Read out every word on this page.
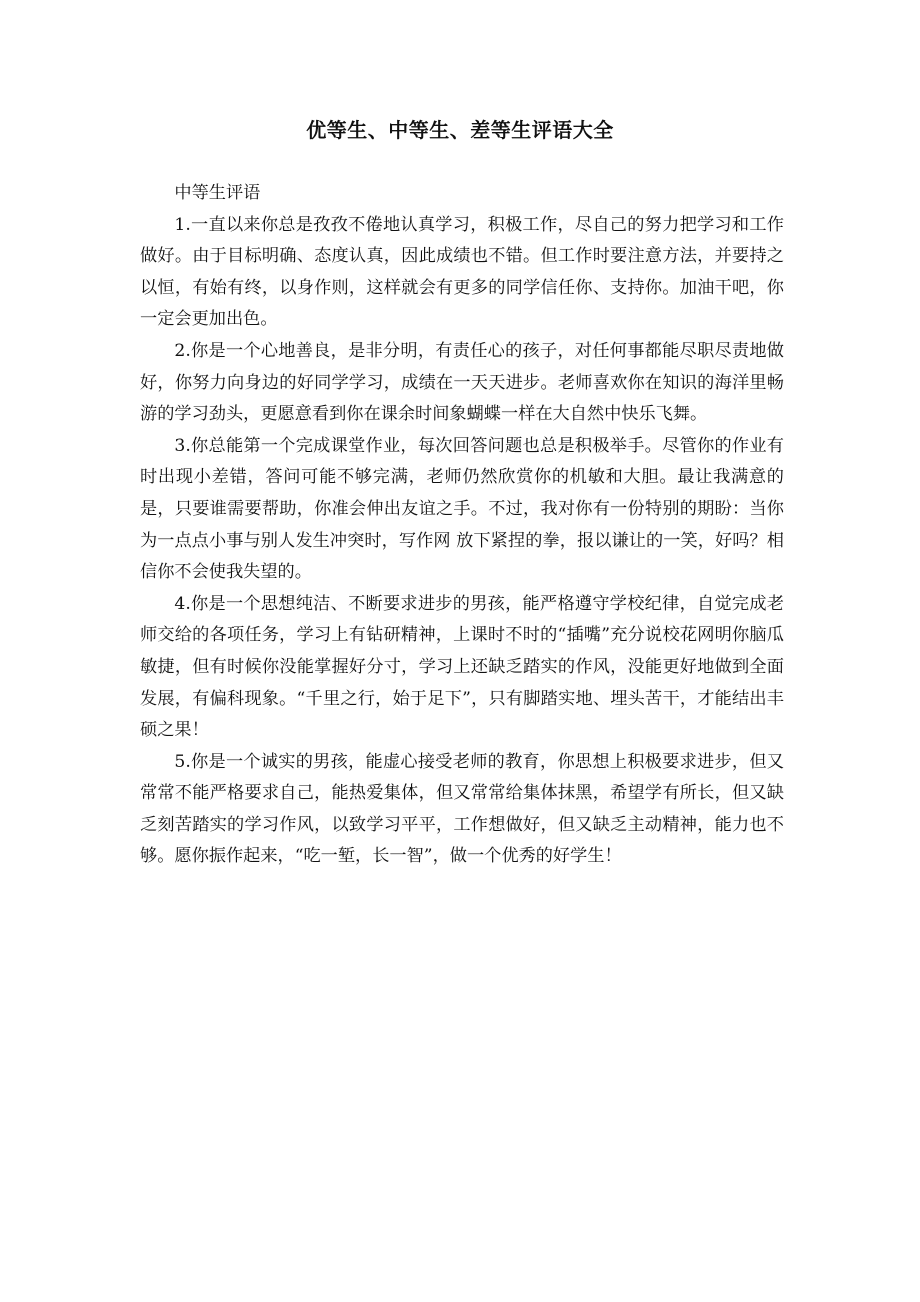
优等生、中等生、差等生评语大全

中等生评语

1.一直以来你总是孜孜不倦地认真学习，积极工作，尽自己的努力把学习和工作做好。由于目标明确、态度认真，因此成绩也不错。但工作时要注意方法，并要持之以恒，有始有终，以身作则，这样就会有更多的同学信任你、支持你。加油干吧，你一定会更加出色。

2.你是一个心地善良，是非分明，有责任心的孩子，对任何事都能尽职尽责地做好，你努力向身边的好同学学习，成绩在一天天进步。老师喜欢你在知识的海洋里畅游的学习劲头，更愿意看到你在课余时间象蝴蝶一样在大自然中快乐飞舞。

3.你总能第一个完成课堂作业，每次回答问题也总是积极举手。尽管你的作业有时出现小差错，答问可能不够完满，老师仍然欣赏你的机敏和大胆。最让我满意的是，只要谁需要帮助，你准会伸出友谊之手。不过，我对你有一份特别的期盼：当你为一点点小事与别人发生冲突时，写作网 放下紧捏的拳，报以谦让的一笑，好吗？相信你不会使我失望的。

4.你是一个思想纯洁、不断要求进步的男孩，能严格遵守学校纪律，自觉完成老师交给的各项任务，学习上有钻研精神，上课时不时的“插嘴”充分说校花网明你脑瓜敏捷，但有时候你没能掌握好分寸，学习上还缺乏踏实的作风，没能更好地做到全面发展，有偏科现象。“千里之行，始于足下”，只有脚踏实地、埋头苦干，才能结出丰硕之果！

5.你是一个诚实的男孩，能虚心接受老师的教育，你思想上积极要求进步，但又常常不能严格要求自己，能热爱集体，但又常常给集体抹黑，希望学有所长，但又缺乏刻苦踏实的学习作风，以致学习平平，工作想做好，但又缺乏主动精神，能力也不够。愿你振作起来，“吃一堑，长一智”，做一个优秀的好学生！
